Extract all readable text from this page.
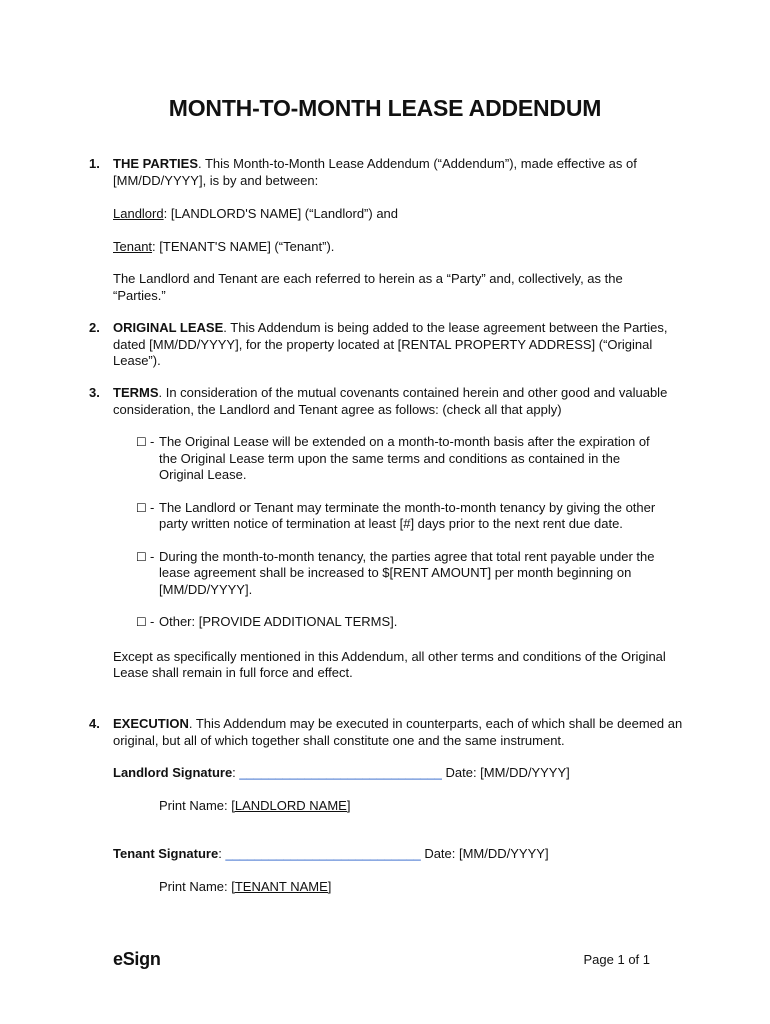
MONTH-TO-MONTH LEASE ADDENDUM
1. THE PARTIES. This Month-to-Month Lease Addendum (“Addendum”), made effective as of [MM/DD/YYYY], is by and between:

Landlord: [LANDLORD'S NAME] (“Landlord”) and

Tenant: [TENANT'S NAME] (“Tenant”).

The Landlord and Tenant are each referred to herein as a “Party” and, collectively, as the “Parties.”

2. ORIGINAL LEASE. This Addendum is being added to the lease agreement between the Parties, dated [MM/DD/YYYY], for the property located at [RENTAL PROPERTY ADDRESS] (“Original Lease”).

3. TERMS. In consideration of the mutual covenants contained herein and other good and valuable consideration, the Landlord and Tenant agree as follows: (check all that apply)

☐ - The Original Lease will be extended on a month-to-month basis after the expiration of the Original Lease term upon the same terms and conditions as contained in the Original Lease.

☐ - The Landlord or Tenant may terminate the month-to-month tenancy by giving the other party written notice of termination at least [#] days prior to the next rent due date.

☐ - During the month-to-month tenancy, the parties agree that total rent payable under the lease agreement shall be increased to $[RENT AMOUNT] per month beginning on [MM/DD/YYYY].

☐ - Other: [PROVIDE ADDITIONAL TERMS].

Except as specifically mentioned in this Addendum, all other terms and conditions of the Original Lease shall remain in full force and effect.

4. EXECUTION. This Addendum may be executed in counterparts, each of which shall be deemed an original, but all of which together shall constitute one and the same instrument.

Landlord Signature: ____________________________ Date: [MM/DD/YYYY]

Print Name: [LANDLORD NAME]

Tenant Signature: ___________________________ Date: [MM/DD/YYYY]

Print Name: [TENANT NAME]

eSign	Page 1 of 1
